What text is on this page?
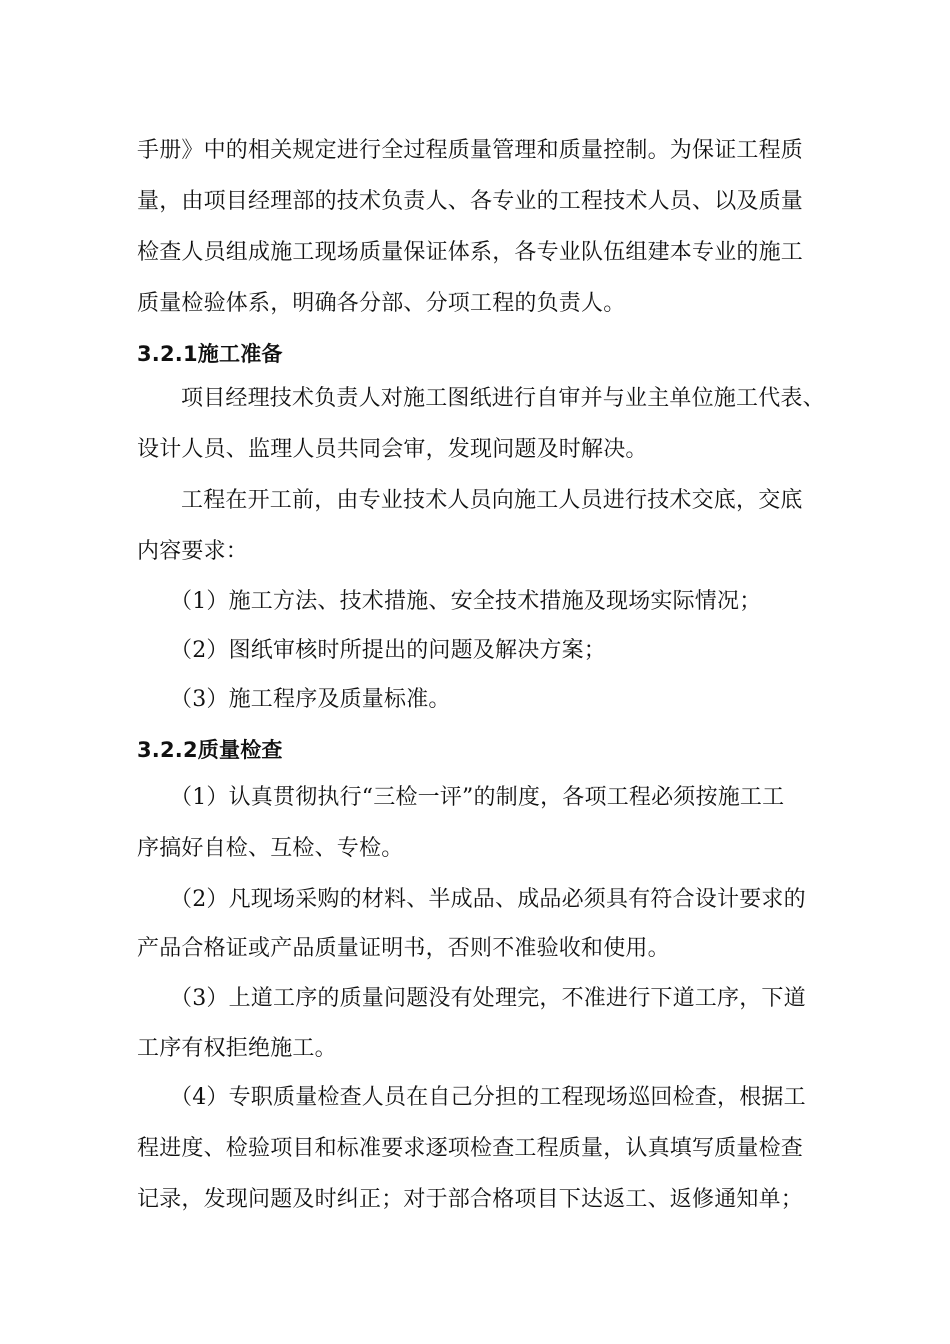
手册》中的相关规定进行全过程质量管理和质量控制。为保证工程质
量，由项目经理部的技术负责人、各专业的工程技术人员、以及质量
检查人员组成施工现场质量保证体系，各专业队伍组建本专业的施工
质量检验体系，明确各分部、分项工程的负责人。
3.2.1施工准备
项目经理技术负责人对施工图纸进行自审并与业主单位施工代表、
设计人员、监理人员共同会审，发现问题及时解决。
工程在开工前，由专业技术人员向施工人员进行技术交底，交底
内容要求：
（1）施工方法、技术措施、安全技术措施及现场实际情况；
（2）图纸审核时所提出的问题及解决方案；
（3）施工程序及质量标准。
3.2.2质量检查
（1）认真贯彻执行“三检一评”的制度，各项工程必须按施工工
序搞好自检、互检、专检。
（2）凡现场采购的材料、半成品、成品必须具有符合设计要求的
产品合格证或产品质量证明书，否则不准验收和使用。
（3）上道工序的质量问题没有处理完，不准进行下道工序，下道
工序有权拒绝施工。
（4）专职质量检查人员在自己分担的工程现场巡回检查，根据工
程进度、检验项目和标准要求逐项检查工程质量，认真填写质量检查
记录，发现问题及时纠正；对于部合格项目下达返工、返修通知单；
